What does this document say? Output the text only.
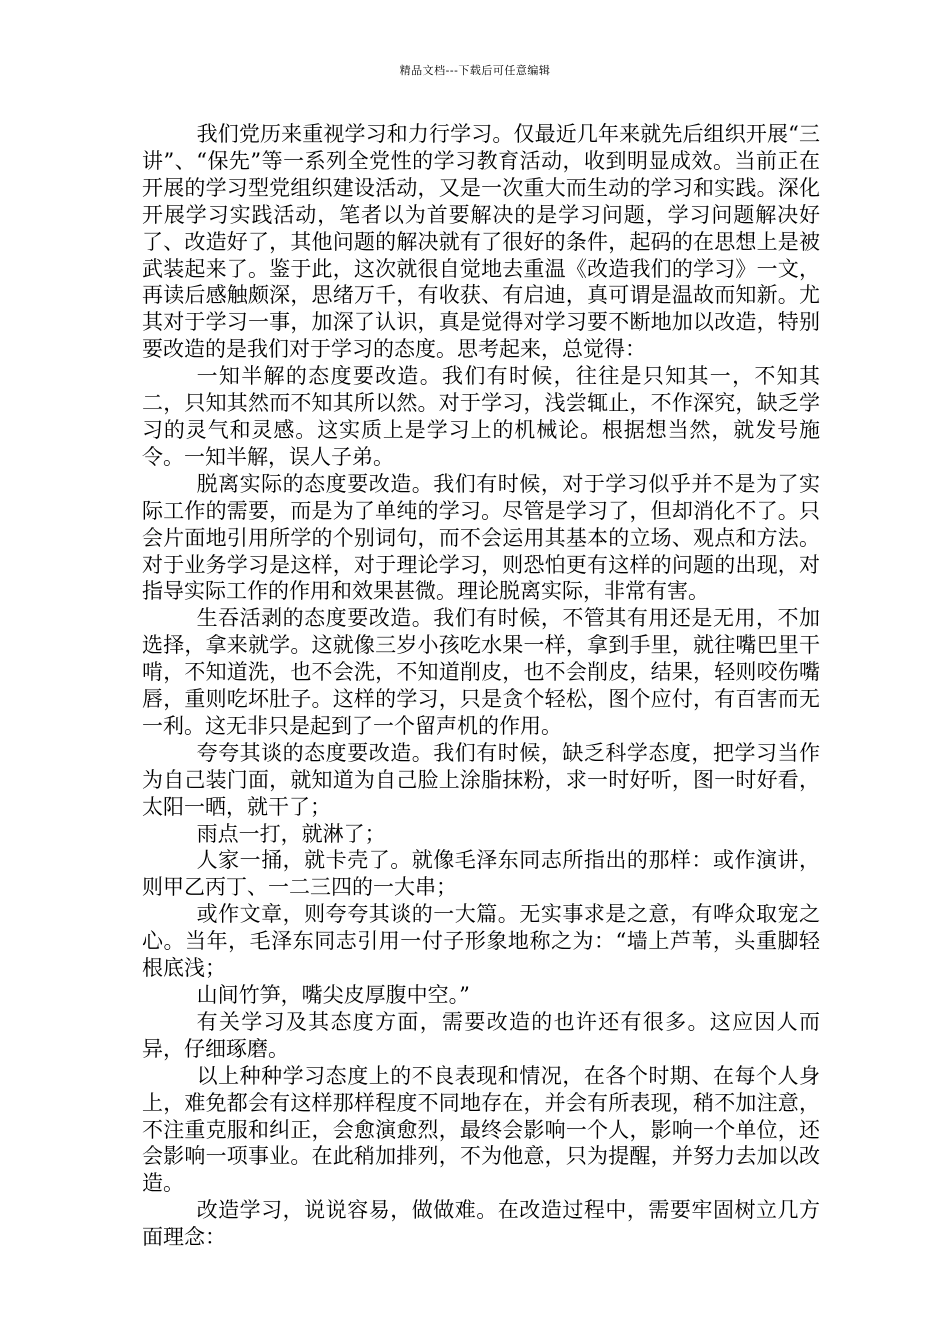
精品文档---下载后可任意编辑

我们党历来重视学习和力行学习。仅最近几年来就先后组织开展“三讲”、“保先”等一系列全党性的学习教育活动，收到明显成效。当前正在开展的学习型党组织建设活动，又是一次重大而生动的学习和实践。深化开展学习实践活动，笔者以为首要解决的是学习问题，学习问题解决好了、改造好了，其他问题的解决就有了很好的条件，起码的在思想上是被武装起来了。鉴于此，这次就很自觉地去重温《改造我们的学习》一文，再读后感触颇深，思绪万千，有收获、有启迪，真可谓是温故而知新。尤其对于学习一事，加深了认识，真是觉得对学习要不断地加以改造，特别要改造的是我们对于学习的态度。思考起来，总觉得：

一知半解的态度要改造。我们有时候，往往是只知其一，不知其二，只知其然而不知其所以然。对于学习，浅尝辄止，不作深究，缺乏学习的灵气和灵感。这实质上是学习上的机械论。根据想当然，就发号施令。一知半解，误人子弟。

脱离实际的态度要改造。我们有时候，对于学习似乎并不是为了实际工作的需要，而是为了单纯的学习。尽管是学习了，但却消化不了。只会片面地引用所学的个别词句，而不会运用其基本的立场、观点和方法。对于业务学习是这样，对于理论学习，则恐怕更有这样的问题的出现，对指导实际工作的作用和效果甚微。理论脱离实际，非常有害。

生吞活剥的态度要改造。我们有时候，不管其有用还是无用，不加选择，拿来就学。这就像三岁小孩吃水果一样，拿到手里，就往嘴巴里干啃，不知道洗，也不会洗，不知道削皮，也不会削皮，结果，轻则咬伤嘴唇，重则吃坏肚子。这样的学习，只是贪个轻松，图个应付，有百害而无一利。这无非只是起到了一个留声机的作用。

夸夸其谈的态度要改造。我们有时候，缺乏科学态度，把学习当作为自己装门面，就知道为自己脸上涂脂抹粉，求一时好听，图一时好看，太阳一晒，就干了；

雨点一打，就淋了；

人家一捅，就卡壳了。就像毛泽东同志所指出的那样：或作演讲，则甲乙丙丁、一二三四的一大串；

或作文章，则夸夸其谈的一大篇。无实事求是之意，有哗众取宠之心。当年，毛泽东同志引用一付子形象地称之为：“墙上芦苇，头重脚轻根底浅；

山间竹笋，嘴尖皮厚腹中空。”

有关学习及其态度方面，需要改造的也许还有很多。这应因人而异，仔细琢磨。

以上种种学习态度上的不良表现和情况，在各个时期、在每个人身上，难免都会有这样那样程度不同地存在，并会有所表现，稍不加注意，不注重克服和纠正，会愈演愈烈，最终会影响一个人，影响一个单位，还会影响一项事业。在此稍加排列，不为他意，只为提醒，并努力去加以改造。

改造学习，说说容易，做做难。在改造过程中，需要牢固树立几方面理念：
